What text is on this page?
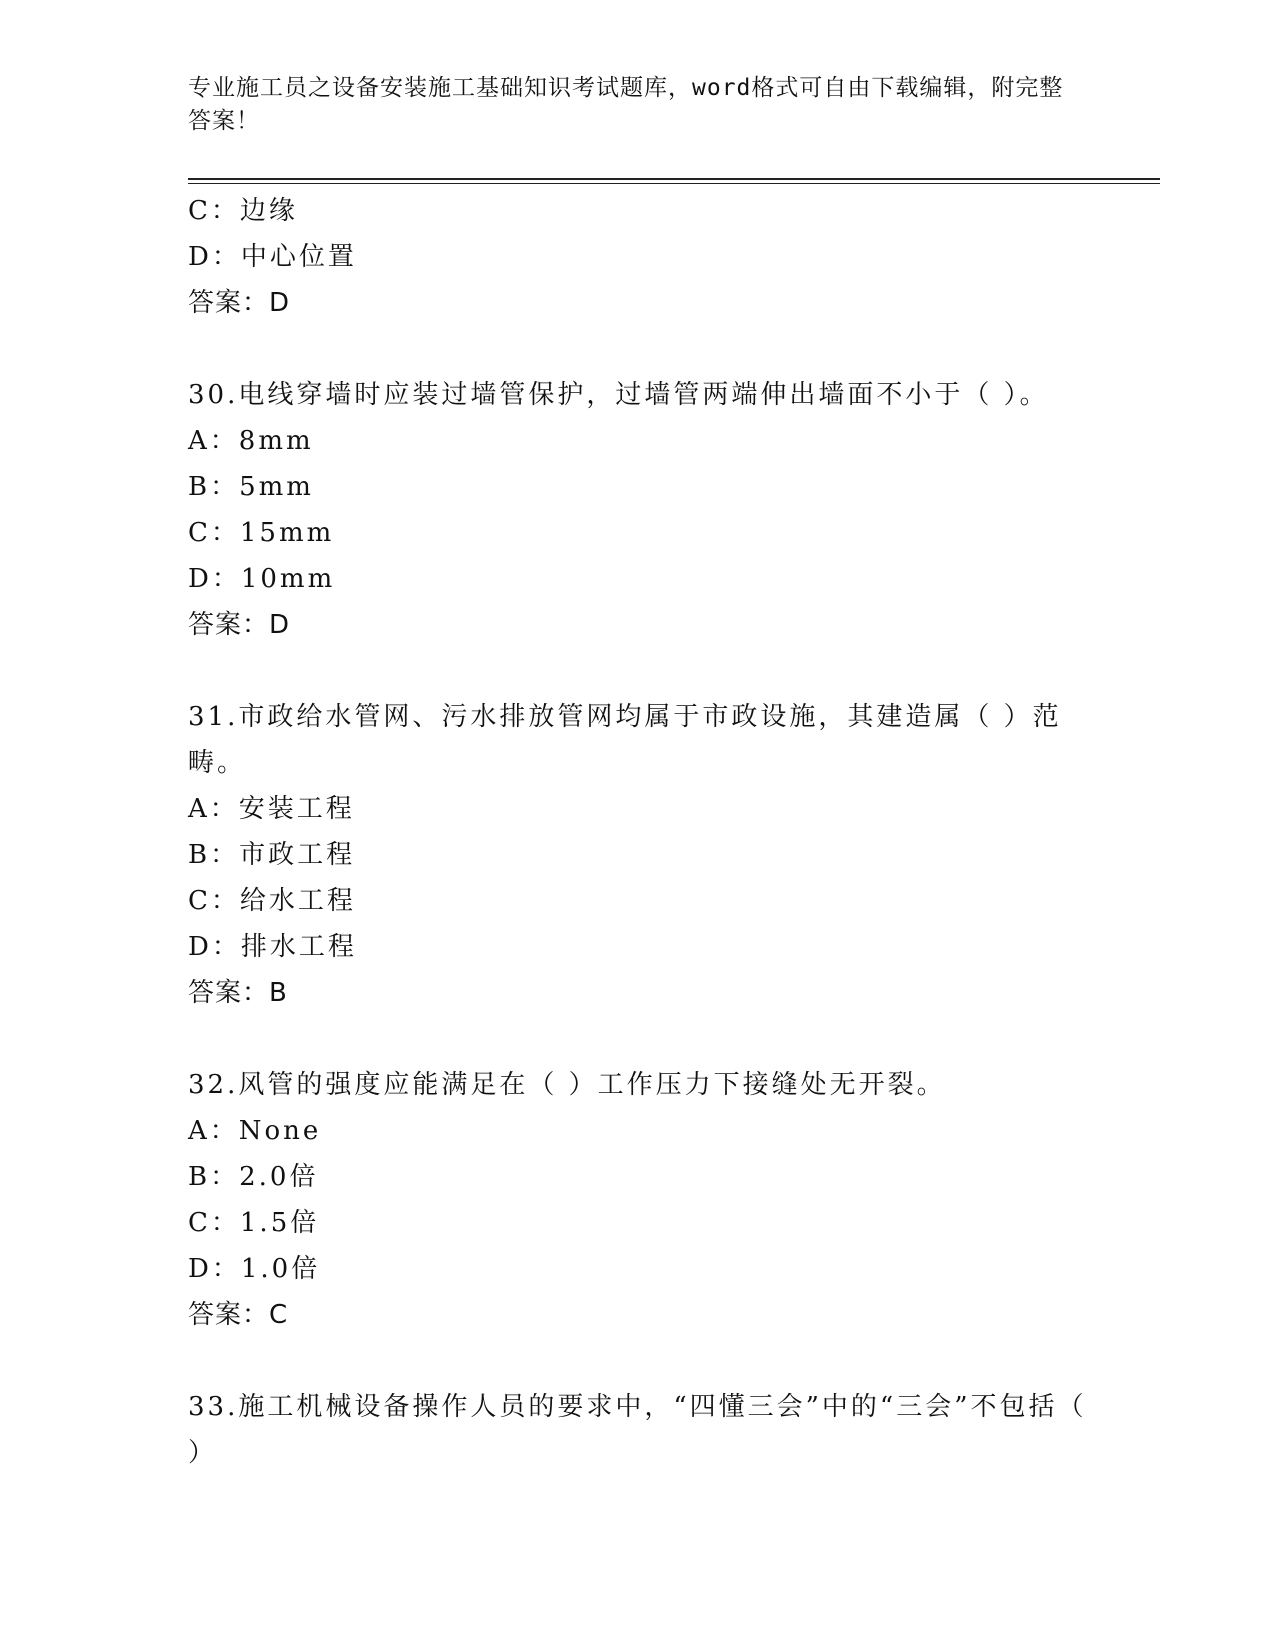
专业施工员之设备安装施工基础知识考试题库，word格式可自由下载编辑，附完整答案！
C：边缘
D：中心位置
答案：D
30.电线穿墙时应装过墙管保护，过墙管两端伸出墙面不小于（ ）。
A：8mm
B：5mm
C：15mm
D：10mm
答案：D
31.市政给水管网、污水排放管网均属于市政设施，其建造属（ ）范畴。
A：安装工程
B：市政工程
C：给水工程
D：排水工程
答案：B
32.风管的强度应能满足在（ ）工作压力下接缝处无开裂。
A：None
B：2.0倍
C：1.5倍
D：1.0倍
答案：C
33.施工机械设备操作人员的要求中，“四懂三会”中的“三会”不包括（ ）
